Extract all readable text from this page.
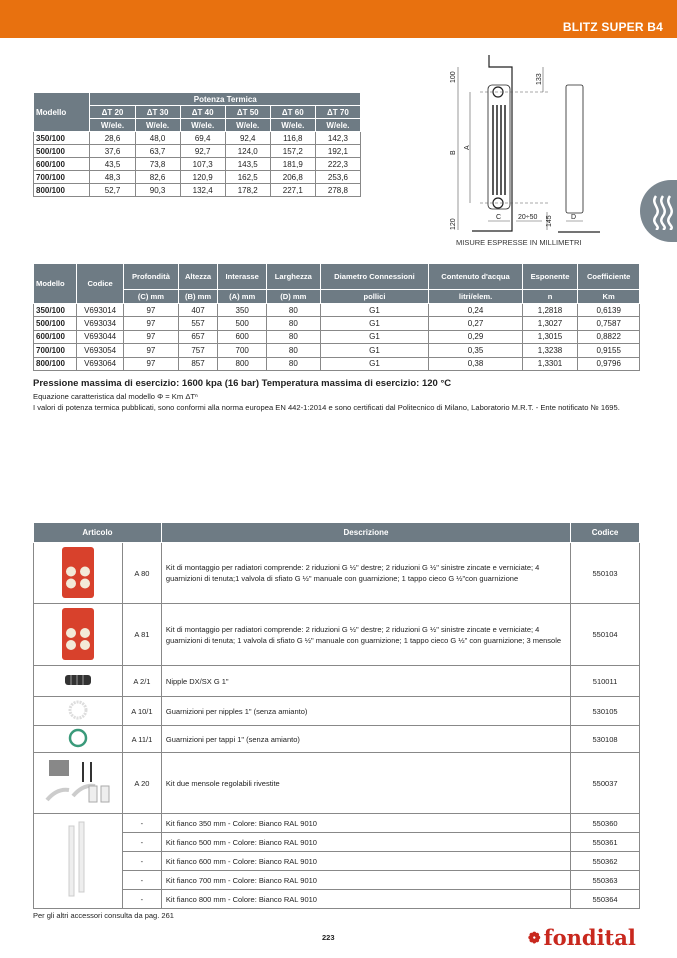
BLITZ SUPER B4
Modello	Potenza Termica					
	ΔT 20	ΔT 30	ΔT 40	ΔT 50	ΔT 60	ΔT 70
	W/ele.	W/ele.	W/ele.	W/ele.	W/ele.	W/ele.
350/100	28,6	48,0	69,4	92,4	116,8	142,3
500/100	37,6	63,7	92,7	124,0	157,2	192,1
600/100	43,5	73,8	107,3	143,5	181,9	222,3
700/100	48,3	82,6	120,9	162,5	206,8	253,6
800/100	52,7	90,3	132,4	178,2	227,1	278,8
100	133
B
A
120
C 20÷50 145	D
MISURE ESPRESSE IN MILLIMETRI
Modello	Codice	Profondità	Altezza	Interasse	Larghezza	Diametro Connessioni	Contenuto d'acqua	Esponente	Coefficiente
		(C) mm	(B) mm	(A) mm	(D) mm	pollici	litri/elem.	n	Km
350/100	V693014	97	407	350	80	G1	0,24	1,2818	0,6139
500/100	V693034	97	557	500	80	G1	0,27	1,3027	0,7587
600/100	V693044	97	657	600	80	G1	0,29	1,3015	0,8822
700/100	V693054	97	757	700	80	G1	0,35	1,3238	0,9155
800/100	V693064	97	857	800	80	G1	0,38	1,3301	0,9796
Pressione massima di esercizio: 1600 kpa (16 bar) Temperatura massima di esercizio: 120 °C
Equazione caratteristica dal modello Φ = Km ΔTⁿ
I valori di potenza termica pubblicati, sono conformi alla norma europea EN 442-1:2014 e sono certificati dal Politecnico di Milano, Laboratorio M.R.T. - Ente notificato № 1695.
Articolo		Descrizione	Codice
	A 80	Kit di montaggio per radiatori comprende: 2 riduzioni G ½" destre; 2 riduzioni G ½" sinistre zincate e verniciate; 4 guarnizioni di tenuta;1 valvola di sfiato G ½" manuale con guarnizione; 1 tappo cieco G ½"con guarnizione	550103
	A 81	Kit di montaggio per radiatori comprende: 2 riduzioni G ½" destre; 2 riduzioni G ½" sinistre zincate e verniciate; 4 guarnizioni di tenuta; 1 valvola di sfiato G ½" manuale con guarnizione; 1 tappo cieco G ½" con guarnizione; 3 mensole	550104
	A 2/1	Nipple DX/SX G 1"	510011
	A 10/1	Guarnizioni per nipples 1" (senza amianto)	530105
	A 11/1	Guarnizioni per tappi 1" (senza amianto)	530108
	A 20	Kit due mensole regolabili rivestite	550037
	-	Kit fianco 350 mm - Colore: Bianco RAL 9010	550360
	-	Kit fianco 500 mm - Colore: Bianco RAL 9010	550361
	-	Kit fianco 600 mm - Colore: Bianco RAL 9010	550362
	-	Kit fianco 700 mm - Colore: Bianco RAL 9010	550363
	-	Kit fianco 800 mm - Colore: Bianco RAL 9010	550364
Per gli altri accessori consulta da pag. 261
223	❁ fondital
